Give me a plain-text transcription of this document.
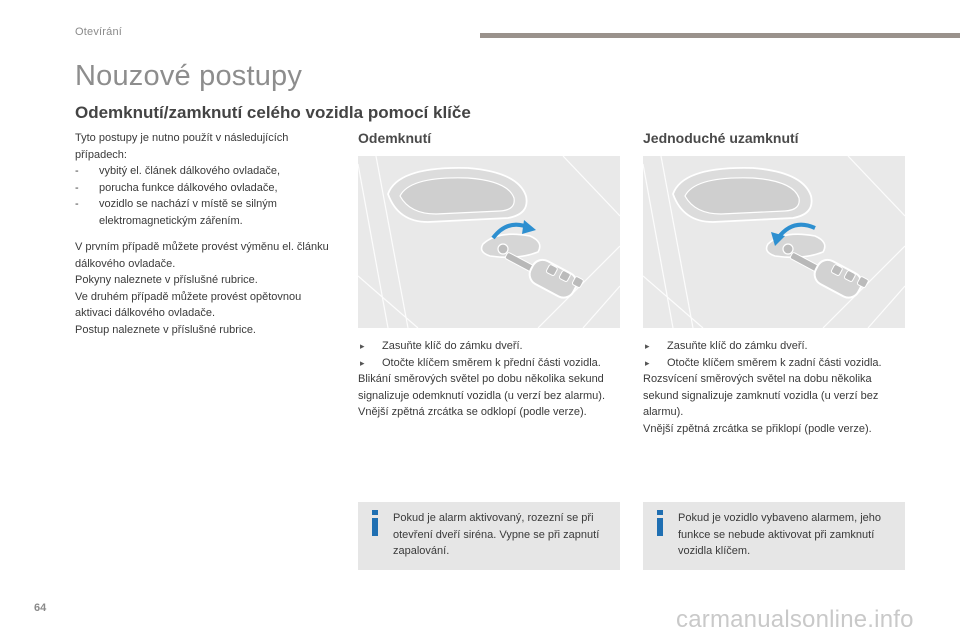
Otevírání
Nouzové postupy
Odemknutí/zamknutí celého vozidla pomocí klíče

Tyto postupy je nutno použít v následujících případech:

- vybitý el. článek dálkového ovladače,
- porucha funkce dálkového ovladače,
- vozidlo se nachází v místě se silným elektromagnetickým zářením.

V prvním případě můžete provést výměnu el. článku dálkového ovladače.

Pokyny naleznete v příslušné rubrice.

Ve druhém případě můžete provést opětovnou aktivaci dálkového ovladače.

Postup naleznete v příslušné rubrice.

Odemknutí
▸ Zasuňte klíč do zámku dveří.
▸ Otočte klíčem směrem k přední části vozidla.
Blikání směrových světel po dobu několika sekund signalizuje odemknutí vozidla (u verzí bez alarmu).
Vnější zpětná zrcátka se odklopí (podle verze).
Pokud je alarm aktivovaný, rozezní se při otevření dveří siréna. Vypne se při zapnutí zapalování.
Jednoduché uzamknutí
▸ Zasuňte klíč do zámku dveří.
▸ Otočte klíčem směrem k zadní části vozidla.
Rozsvícení směrových světel na dobu několika sekund signalizuje zamknutí vozidla (u verzí bez alarmu).
Vnější zpětná zrcátka se přiklopí (podle verze).
Pokud je vozidlo vybaveno alarmem, jeho funkce se nebude aktivovat při zamknutí vozidla klíčem.
64	carmanualsonline.info
